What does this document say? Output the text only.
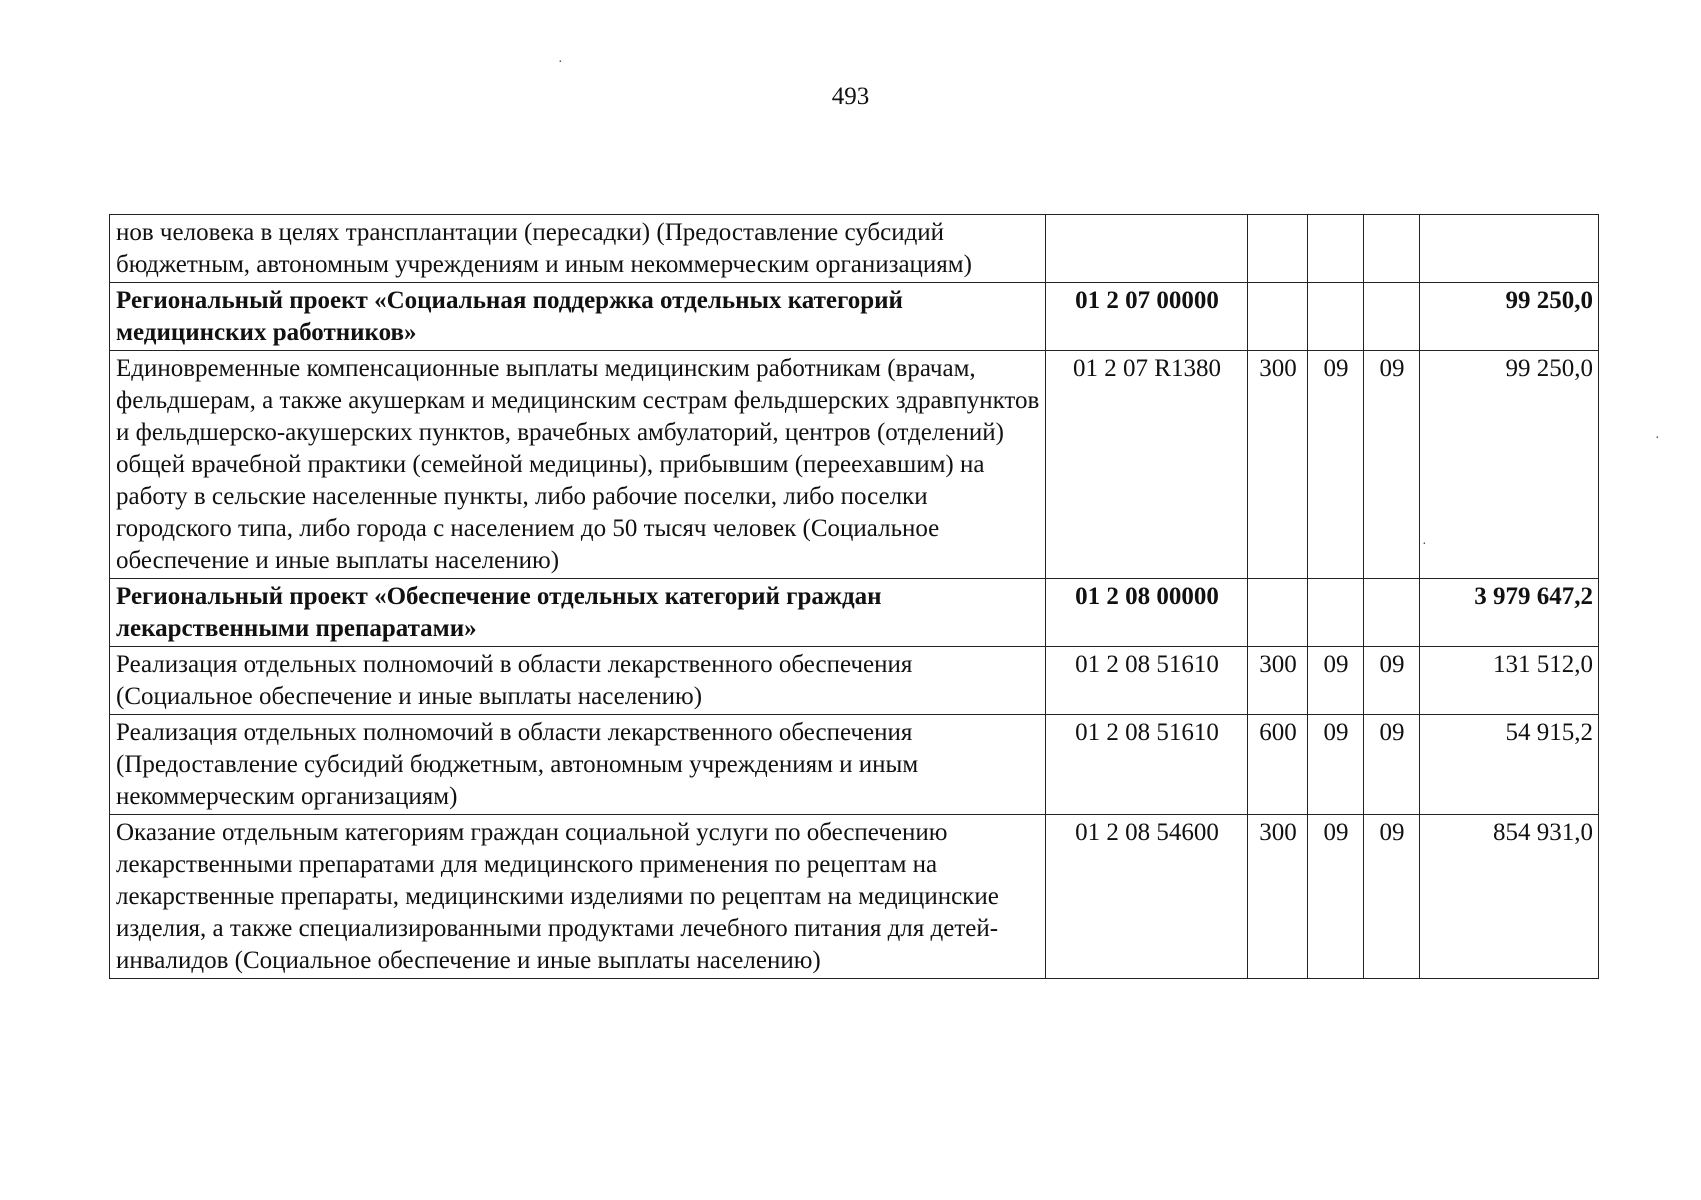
493
·
·
·
нов человека в целях трансплантации (пересадки) (Предоставление субсидий бюджетным, автономным учреждениям и иным некоммерческим организациям)					
Региональный проект «Социальная поддержка отдельных категорий медицинских работников»	01 2 07 00000				99 250,0
Единовременные компенсационные выплаты медицинским работникам (врачам, фельдшерам, а также акушеркам и медицинским сестрам фельдшерских здравпунктов и фельдшерско-акушерских пунктов, врачебных амбулаторий, центров (отделений) общей врачебной практики (семейной медицины), прибывшим (переехавшим) на работу в сельские населенные пункты, либо рабочие поселки, либо поселки городского типа, либо города с населением до 50 тысяч человек (Социальное обеспечение и иные выплаты населению)	01 2 07 R1380	300	09	09	99 250,0
Региональный проект «Обеспечение отдельных категорий граждан лекарственными препаратами»	01 2 08 00000				3 979 647,2
Реализация отдельных полномочий в области лекарственного обеспечения (Социальное обеспечение и иные выплаты населению)	01 2 08 51610	300	09	09	131 512,0
Реализация отдельных полномочий в области лекарственного обеспечения (Предоставление субсидий бюджетным, автономным учреждениям и иным некоммерческим организациям)	01 2 08 51610	600	09	09	54 915,2
Оказание отдельным категориям граждан социальной услуги по обеспечению лекарственными препаратами для медицинского применения по рецептам на лекарственные препараты, медицинскими изделиями по рецептам на медицинские изделия, а также специализированными продуктами лечебного питания для детей-инвалидов (Социальное обеспечение и иные выплаты населению)	01 2 08 54600	300	09	09	854 931,0
